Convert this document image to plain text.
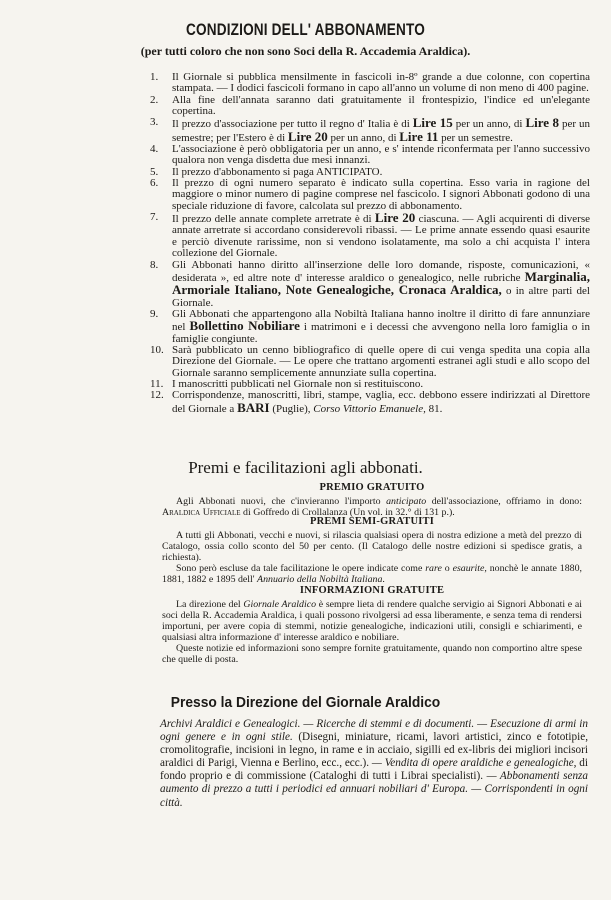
CONDIZIONI DELL' ABBONAMENTO
(per tutti coloro che non sono Soci della R. Accademia Araldica).
1. Il Giornale si pubblica mensilmente in fascicoli in-8º grande a due colonne, con copertina stampata. — I dodici fascicoli formano in capo all'anno un volume di non meno di 400 pagine.
2. Alla fine dell'annata saranno dati gratuitamente il frontespizio, l'indice ed un'elegante copertina.
3. Il prezzo d'associazione per tutto il regno d' Italia è di Lire 15 per un anno, di Lire 8 per un semestre; per l'Estero è di Lire 20 per un anno, di Lire 11 per un semestre.
4. L'associazione è però obbligatoria per un anno, e s' intende riconfermata per l'anno successivo qualora non venga disdetta due mesi innanzi.
5. Il prezzo d'abbonamento si paga ANTICIPATO.
6. Il prezzo di ogni numero separato è indicato sulla copertina. Esso varia in ragione del maggiore o minor numero di pagine comprese nel fascicolo. I signori Abbonati godono di una speciale riduzione di favore, calcolata sul prezzo di abbonamento.
7. Il prezzo delle annate complete arretrate è di Lire 20 ciascuna. — Agli acquirenti di diverse annate arretrate si accordano considerevoli ribassi. — Le prime annate essendo quasi esaurite e perciò divenute rarissime, non si vendono isolatamente, ma solo a chi acquista l' intera collezione del Giornale.
8. Gli Abbonati hanno diritto all'inserzione delle loro domande, risposte, comunicazioni, « desiderata », ed altre note d' interesse araldico o genealogico, nelle rubriche Marginalia, Armoriale Italiano, Note Genealogiche, Cronaca Araldica, o in altre parti del Giornale.
9. Gli Abbonati che appartengono alla Nobiltà Italiana hanno inoltre il diritto di fare annunziare nel Bollettino Nobiliare i matrimoni e i decessi che avvengono nella loro famiglia o in famiglie congiunte.
10. Sarà pubblicato un cenno bibliografico di quelle opere di cui venga spedita una copia alla Direzione del Giornale. — Le opere che trattano argomenti estranei agli studi e allo scopo del Giornale saranno semplicemente annunziate sulla copertina.
11. I manoscritti pubblicati nel Giornale non si restituiscono.
12. Corrispondenze, manoscritti, libri, stampe, vaglia, ecc. debbono essere indirizzati al Direttore del Giornale a BARI (Puglie), Corso Vittorio Emanuele, 81.
Premi e facilitazioni agli abbonati.
PREMIO GRATUITO
Agli Abbonati nuovi, che c'invieranno l'importo anticipato dell'associazione, offriamo in dono: Araldica Ufficiale di Goffredo di Crollalanza (Un vol. in 32.° di 131 p.).
PREMI SEMI-GRATUITI
A tutti gli Abbonati, vecchi e nuovi, si rilascia qualsiasi opera di nostra edizione a metà del prezzo di Catalogo, ossia collo sconto del 50 per cento. (Il Catalogo delle nostre edizioni si spedisce gratis, a richiesta).
Sono però escluse da tale facilitazione le opere indicate come rare o esaurite, nonchè le annate 1880, 1881, 1882 e 1895 dell' Annuario della Nobiltà Italiana.
INFORMAZIONI GRATUITE
La direzione del Giornale Araldico è sempre lieta di rendere qualche servigio ai Signori Abbonati e ai soci della R. Accademia Araldica, i quali possono rivolgersi ad essa liberamente, e senza tema di rendersi importuni, per avere copia di stemmi, notizie genealogiche, indicazioni utili, consigli e schiarimenti, e qualsiasi altra informazione d' interesse araldico e nobiliare.
Queste notizie ed informazioni sono sempre fornite gratuitamente, quando non comportino altre spese che quelle di posta.
Presso la Direzione del Giornale Araldico
Archivi Araldici e Genealogici. — Ricerche di stemmi e di documenti. — Esecuzione di armi in ogni genere e in ogni stile. (Disegni, miniature, ricami, lavori artistici, zinco e fototipie, cromolitografie, incisioni in legno, in rame e in acciaio, sigilli ed ex-libris dei migliori incisori araldici di Parigi, Vienna e Berlino, ecc., ecc.). — Vendita di opere araldiche e genealogiche, di fondo proprio e di commissione (Cataloghi di tutti i Librai specialisti). — Abbonamenti senza aumento di prezzo a tutti i periodici ed annuari nobiliari d' Europa. — Corrispondenti in ogni città.
